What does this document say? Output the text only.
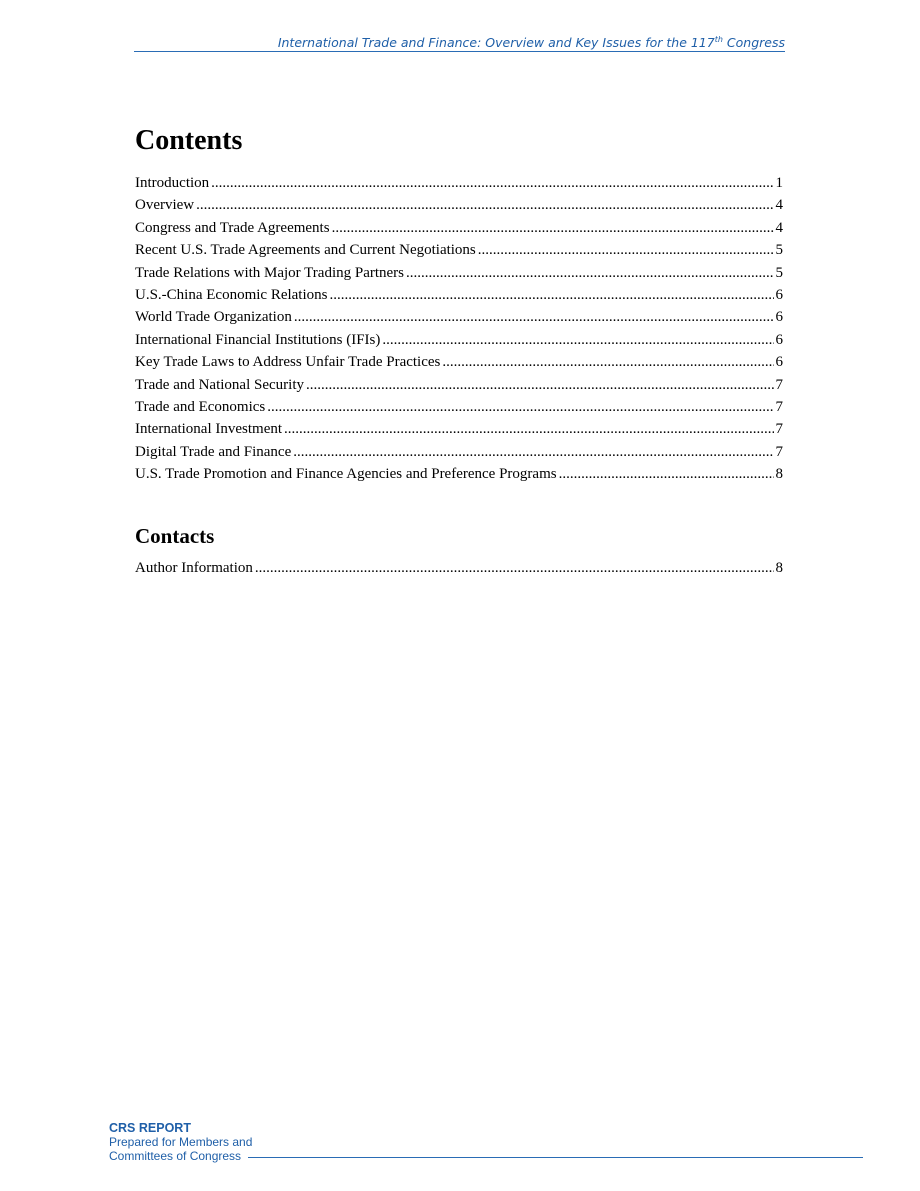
International Trade and Finance: Overview and Key Issues for the 117th Congress
Contents
Introduction .....	1
Overview .....	4
Congress and Trade Agreements .....	4
Recent U.S. Trade Agreements and Current Negotiations .....	5
Trade Relations with Major Trading Partners .....	5
U.S.-China Economic Relations .....	6
World Trade Organization .....	6
International Financial Institutions (IFIs) .....	6
Key Trade Laws to Address Unfair Trade Practices .....	6
Trade and National Security .....	7
Trade and Economics .....	7
International Investment .....	7
Digital Trade and Finance .....	7
U.S. Trade Promotion and Finance Agencies and Preference Programs .....	8
Contacts
Author Information .....	8
CRS REPORT
Prepared for Members and
Committees of Congress
